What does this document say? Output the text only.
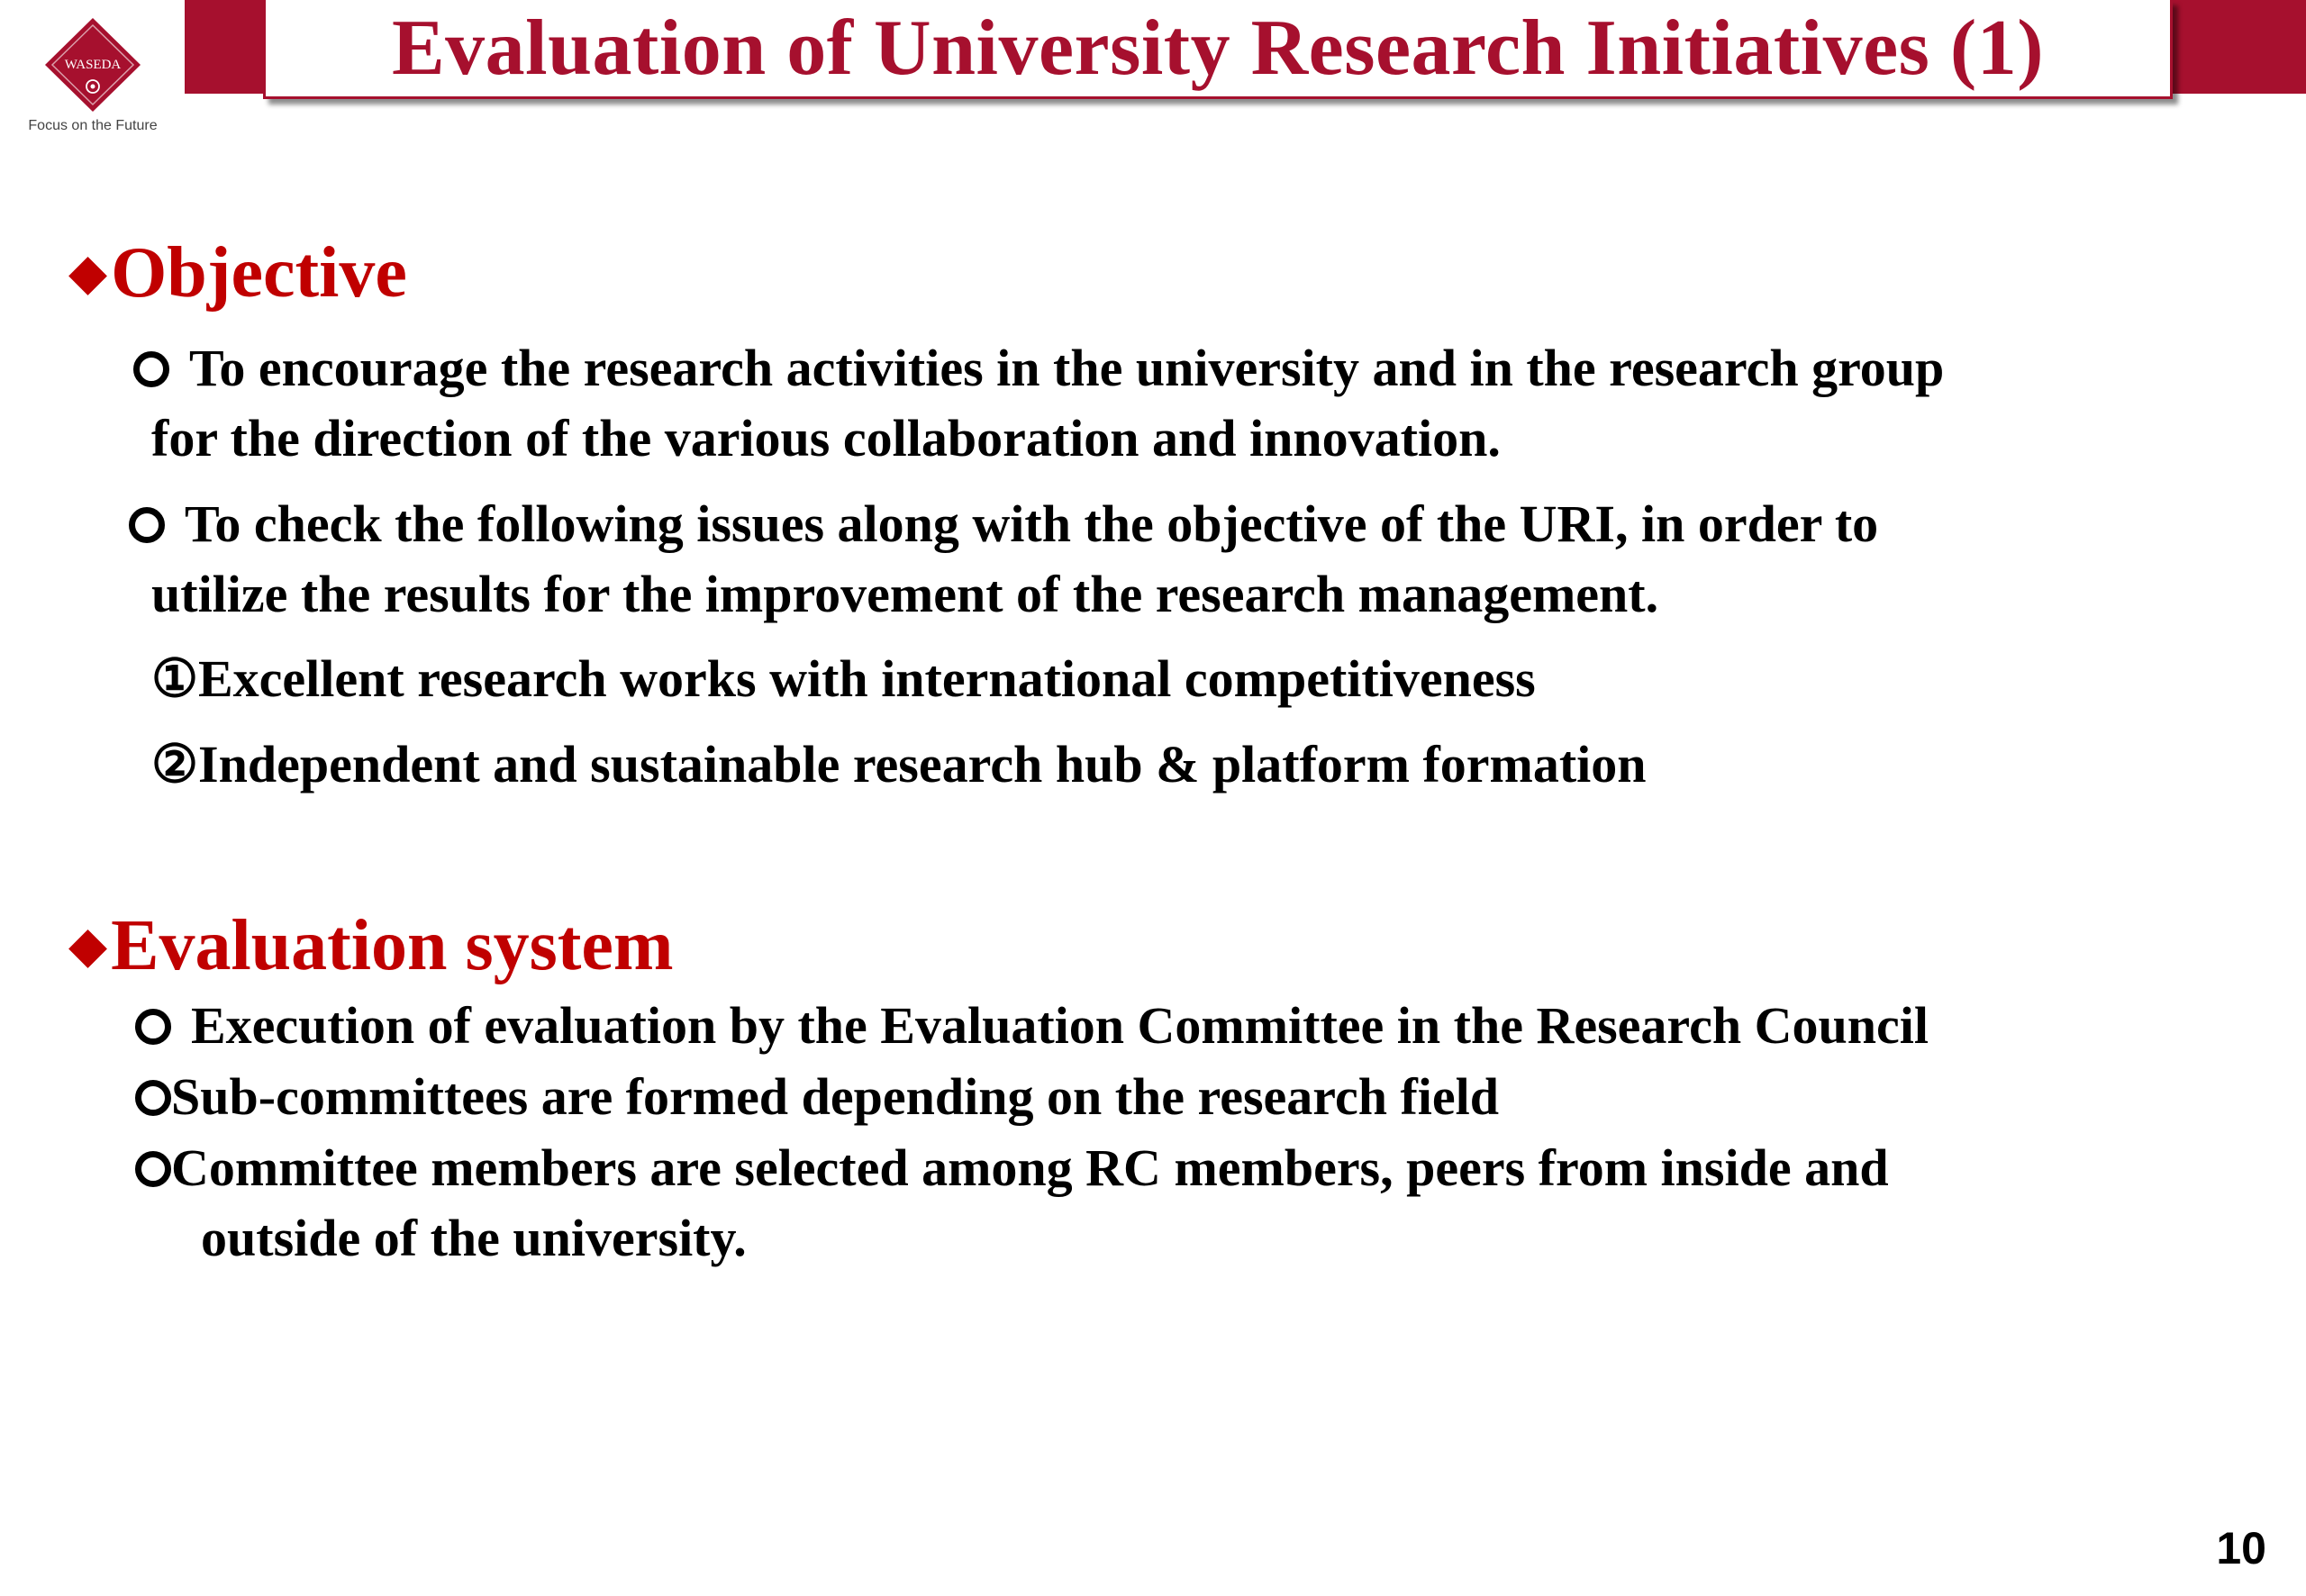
Evaluation of University Research Initiatives (1)
WASEDA
Focus on the Future
◆Objective
To encourage the research activities in the university and in the research group
for the direction of the various collaboration and innovation.
To check the following issues along with the objective of the URI, in order to
utilize the results for the improvement of the research management.
①Excellent research works with international competitiveness
②Independent and sustainable research hub & platform formation
◆Evaluation system
Execution of evaluation by the Evaluation Committee in the Research Council
Sub-committees are formed depending on the research field
Committee members are selected among RC members, peers from inside and
outside of the university.
10
